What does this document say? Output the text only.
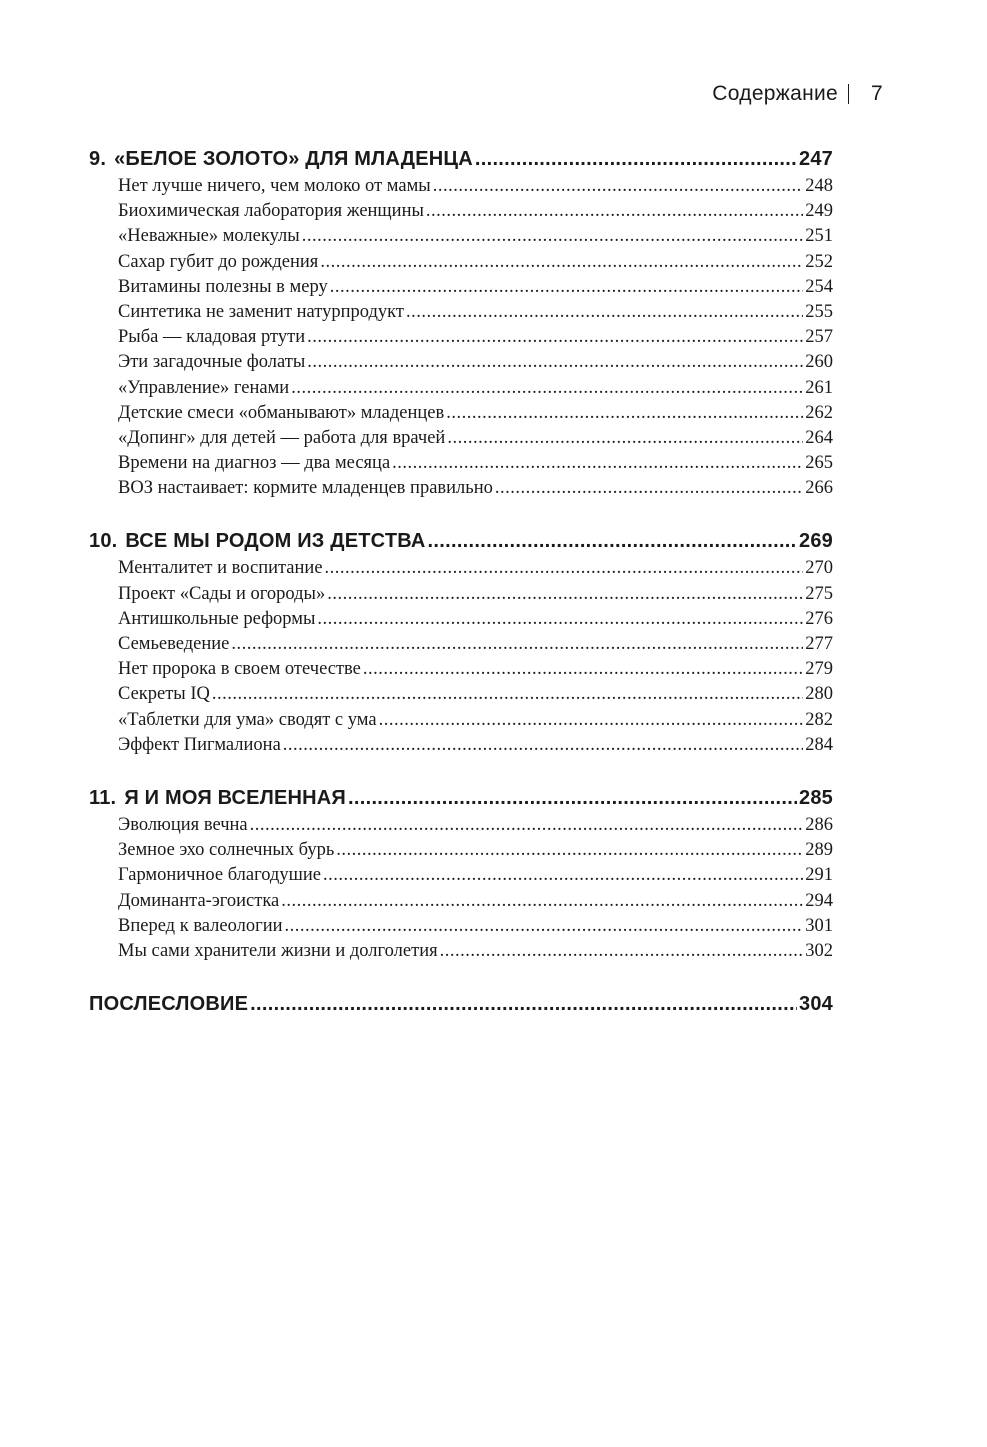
Содержание	7
9. «БЕЛОЕ ЗОЛОТО» ДЛЯ МЛАДЕНЦА .....	247
Нет лучше ничего, чем молоко от мамы .....	248
Биохимическая лаборатория женщины .....	249
«Неважные» молекулы .....	251
Сахар губит до рождения .....	252
Витамины полезны в меру .....	254
Синтетика не заменит натурпродукт .....	255
Рыба — кладовая ртути .....	257
Эти загадочные фолаты .....	260
«Управление» генами .....	261
Детские смеси «обманывают» младенцев .....	262
«Допинг» для детей — работа для врачей .....	264
Времени на диагноз — два месяца .....	265
ВОЗ настаивает: кормите младенцев правильно .....	266
10. ВСЕ МЫ РОДОМ ИЗ ДЕТСТВА .....	269
Менталитет и воспитание .....	270
Проект «Сады и огороды» .....	275
Антишкольные реформы .....	276
Семьеведение .....	277
Нет пророка в своем отечестве .....	279
Секреты IQ .....	280
«Таблетки для ума» сводят с ума .....	282
Эффект Пигмалиона .....	284
11. Я И МОЯ ВСЕЛЕННАЯ .....	285
Эволюция вечна .....	286
Земное эхо солнечных бурь .....	289
Гармоничное благодушие .....	291
Доминанта-эгоистка .....	294
Вперед к валеологии .....	301
Мы сами хранители жизни и долголетия .....	302
ПОСЛЕСЛОВИЕ .....	304
